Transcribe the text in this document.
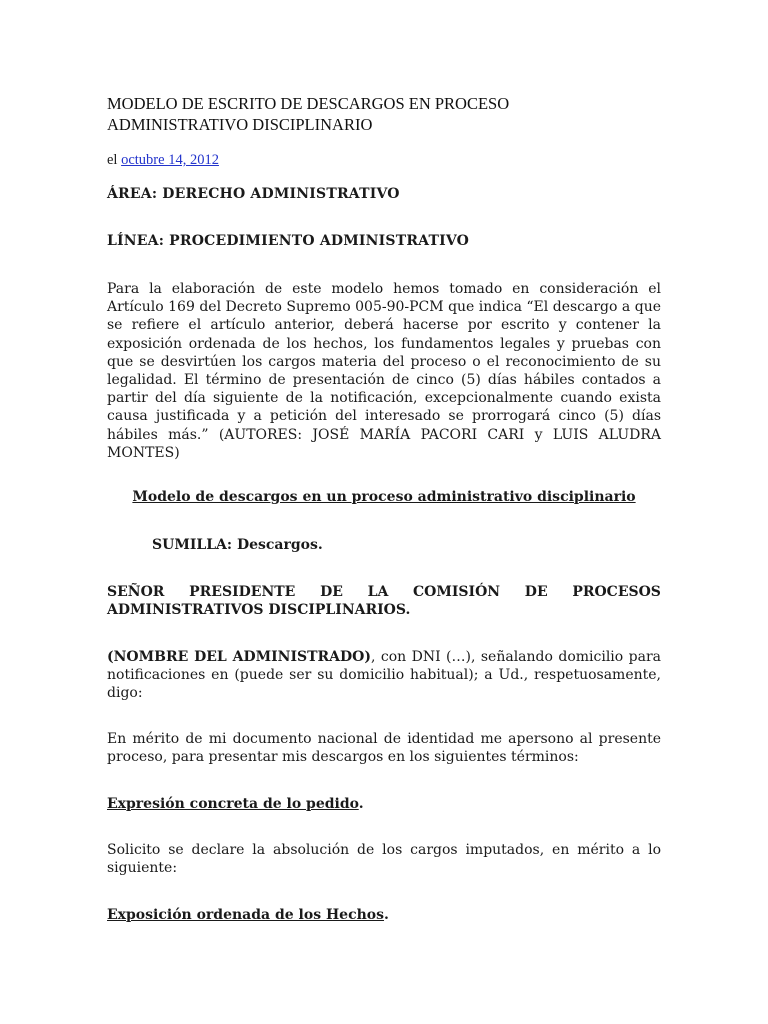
MODELO DE ESCRITO DE DESCARGOS EN PROCESO
ADMINISTRATIVO DISCIPLINARIO
el octubre 14, 2012
ÁREA: DERECHO ADMINISTRATIVO
LÍNEA: PROCEDIMIENTO ADMINISTRATIVO

Para la elaboración de este modelo hemos tomado en consideración el Artículo 169 del Decreto Supremo 005-90-PCM que indica “El descargo a que se refiere el artículo anterior, deberá hacerse por escrito y contener la exposición ordenada de los hechos, los fundamentos legales y pruebas con que se desvirtúen los cargos materia del proceso o el reconocimiento de su legalidad. El término de presentación de cinco (5) días hábiles contados a partir del día siguiente de la notificación, excepcionalmente cuando exista causa justificada y a petición del interesado se prorrogará cinco (5) días hábiles más.” (AUTORES: JOSÉ MARÍA PACORI CARI y LUIS ALUDRA MONTES)

Modelo de descargos en un proceso administrativo disciplinario
SUMILLA: Descargos.
SEÑOR PRESIDENTE DE LA COMISIÓN DE PROCESOS
ADMINISTRATIVOS DISCIPLINARIOS.

(NOMBRE DEL ADMINISTRADO), con DNI (…), señalando domicilio para notificaciones en (puede ser su domicilio habitual); a Ud., respetuosamente, digo:

En mérito de mi documento nacional de identidad me apersono al presente proceso, para presentar mis descargos en los siguientes términos:

Expresión concreta de lo pedido.

Solicito se declare la absolución de los cargos imputados, en mérito a lo siguiente:

Exposición ordenada de los Hechos.
